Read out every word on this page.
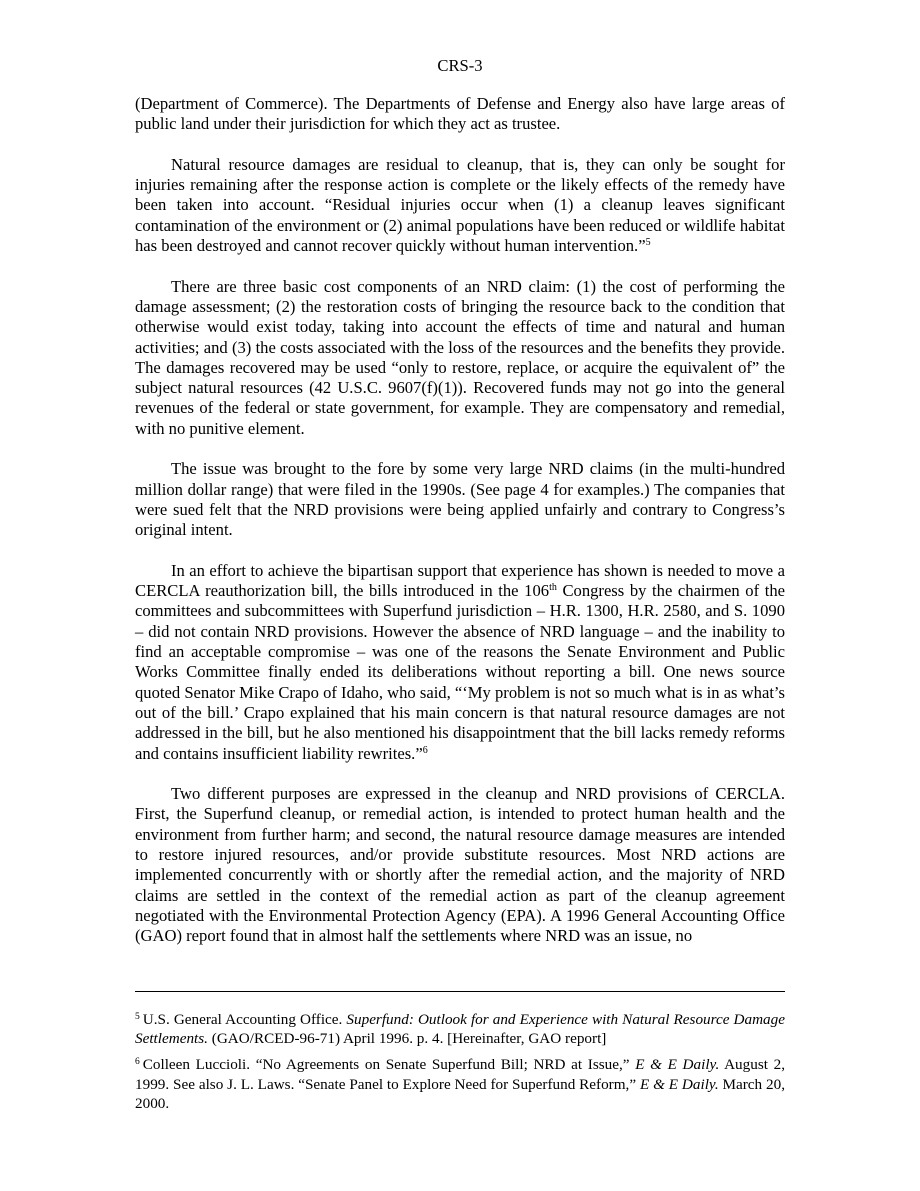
CRS-3

(Department of Commerce). The Departments of Defense and Energy also have large areas of public land under their jurisdiction for which they act as trustee.

Natural resource damages are residual to cleanup, that is, they can only be sought for injuries remaining after the response action is complete or the likely effects of the remedy have been taken into account. “Residual injuries occur when (1) a cleanup leaves significant contamination of the environment or (2) animal populations have been reduced or wildlife habitat has been destroyed and cannot recover quickly without human intervention.”$^5$

There are three basic cost components of an NRD claim: (1) the cost of performing the damage assessment; (2) the restoration costs of bringing the resource back to the condition that otherwise would exist today, taking into account the effects of time and natural and human activities; and (3) the costs associated with the loss of the resources and the benefits they provide. The damages recovered may be used “only to restore, replace, or acquire the equivalent of” the subject natural resources (42 U.S.C. 9607(f)(1)). Recovered funds may not go into the general revenues of the federal or state government, for example. They are compensatory and remedial, with no punitive element.

The issue was brought to the fore by some very large NRD claims (in the multi-hundred million dollar range) that were filed in the 1990s. (See page 4 for examples.) The companies that were sued felt that the NRD provisions were being applied unfairly and contrary to Congress’s original intent.

In an effort to achieve the bipartisan support that experience has shown is needed to move a CERCLA reauthorization bill, the bills introduced in the 106th Congress by the chairmen of the committees and subcommittees with Superfund jurisdiction – H.R. 1300, H.R. 2580, and S. 1090 – did not contain NRD provisions. However the absence of NRD language – and the inability to find an acceptable compromise – was one of the reasons the Senate Environment and Public Works Committee finally ended its deliberations without reporting a bill. One news source quoted Senator Mike Crapo of Idaho, who said, “‘My problem is not so much what is in as what’s out of the bill.’ Crapo explained that his main concern is that natural resource damages are not addressed in the bill, but he also mentioned his disappointment that the bill lacks remedy reforms and contains insufficient liability rewrites.”$^6$

Two different purposes are expressed in the cleanup and NRD provisions of CERCLA. First, the Superfund cleanup, or remedial action, is intended to protect human health and the environment from further harm; and second, the natural resource damage measures are intended to restore injured resources, and/or provide substitute resources. Most NRD actions are implemented concurrently with or shortly after the remedial action, and the majority of NRD claims are settled in the context of the remedial action as part of the cleanup agreement negotiated with the Environmental Protection Agency (EPA). A 1996 General Accounting Office (GAO) report found that in almost half the settlements where NRD was an issue, no

$^5$ U.S. General Accounting Office. Superfund: Outlook for and Experience with Natural Resource Damage Settlements. (GAO/RCED-96-71) April 1996. p. 4. [Hereinafter, GAO report]

$^6$ Colleen Luccioli. “No Agreements on Senate Superfund Bill; NRD at Issue,” E & E Daily. August 2, 1999. See also J. L. Laws. “Senate Panel to Explore Need for Superfund Reform,” E & E Daily. March 20, 2000.
